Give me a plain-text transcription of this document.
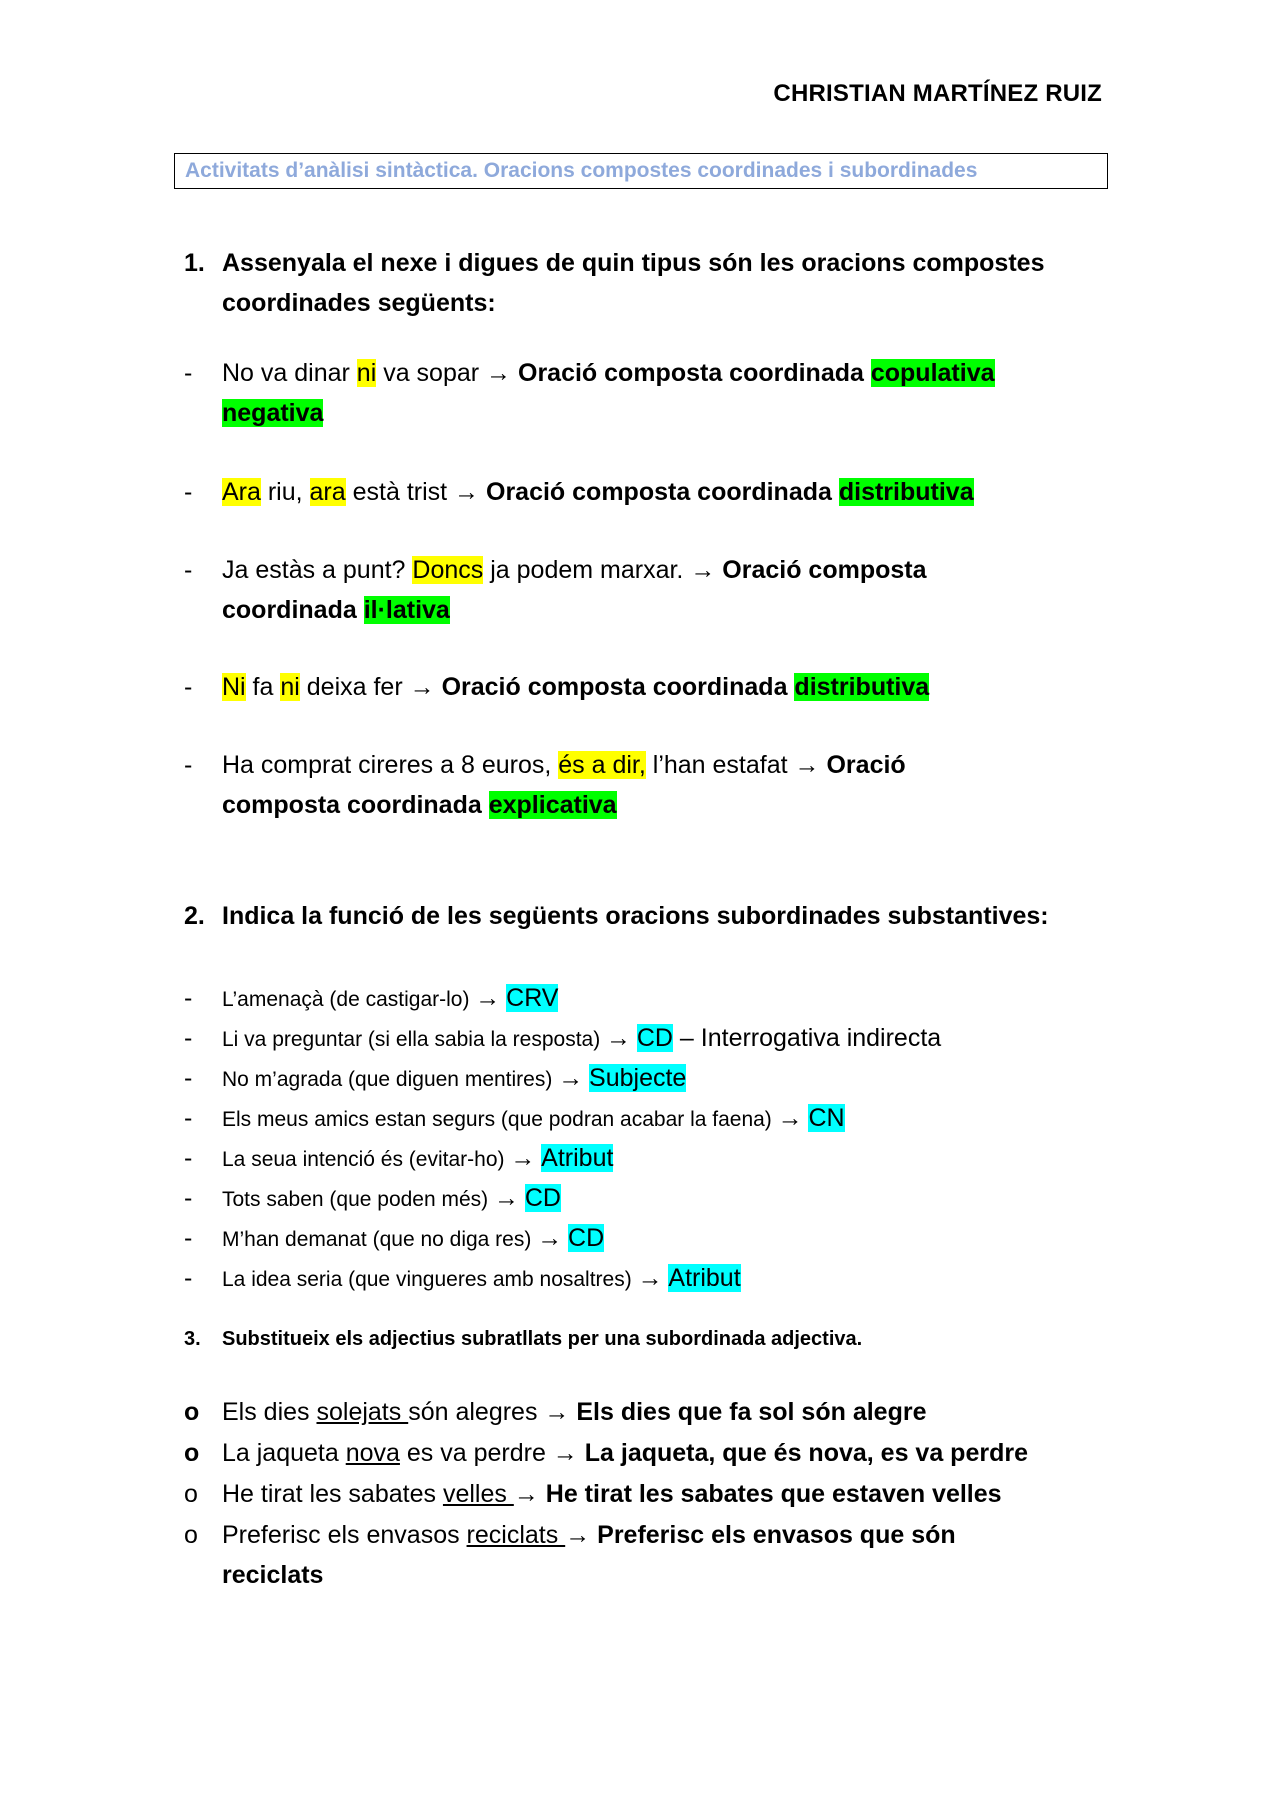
CHRISTIAN MARTÍNEZ RUIZ
Activitats d’anàlisi sintàctica. Oracions compostes coordinades i subordinades
1. Assenyala el nexe i digues de quin tipus són les oracions compostes
coordinades següents:
- No va dinar ni va sopar → Oració composta coordinada copulativa
negativa
- Ara riu, ara està trist → Oració composta coordinada distributiva
- Ja estàs a punt? Doncs ja podem marxar. → Oració composta
coordinada il·lativa
- Ni fa ni deixa fer → Oració composta coordinada distributiva
- Ha comprat cireres a 8 euros, és a dir, l’han estafat → Oració
composta coordinada explicativa
2. Indica la funció de les següents oracions subordinades substantives:
- L’amenaçà (de castigar-lo) → CRV
- Li va preguntar (si ella sabia la resposta) → CD – Interrogativa indirecta
- No m’agrada (que diguen mentires) → Subjecte
- Els meus amics estan segurs (que podran acabar la faena) → CN
- La seua intenció és (evitar-ho) → Atribut
- Tots saben (que poden més) → CD
- M’han demanat (que no diga res) → CD
- La idea seria (que vingueres amb nosaltres) → Atribut
3. Substitueix els adjectius subratllats per una subordinada adjectiva.
o Els dies solejats són alegres → Els dies que fa sol són alegre
o La jaqueta nova es va perdre → La jaqueta, que és nova, es va perdre
o He tirat les sabates velles → He tirat les sabates que estaven velles
o Preferisc els envasos reciclats → Preferisc els envasos que són
reciclats
